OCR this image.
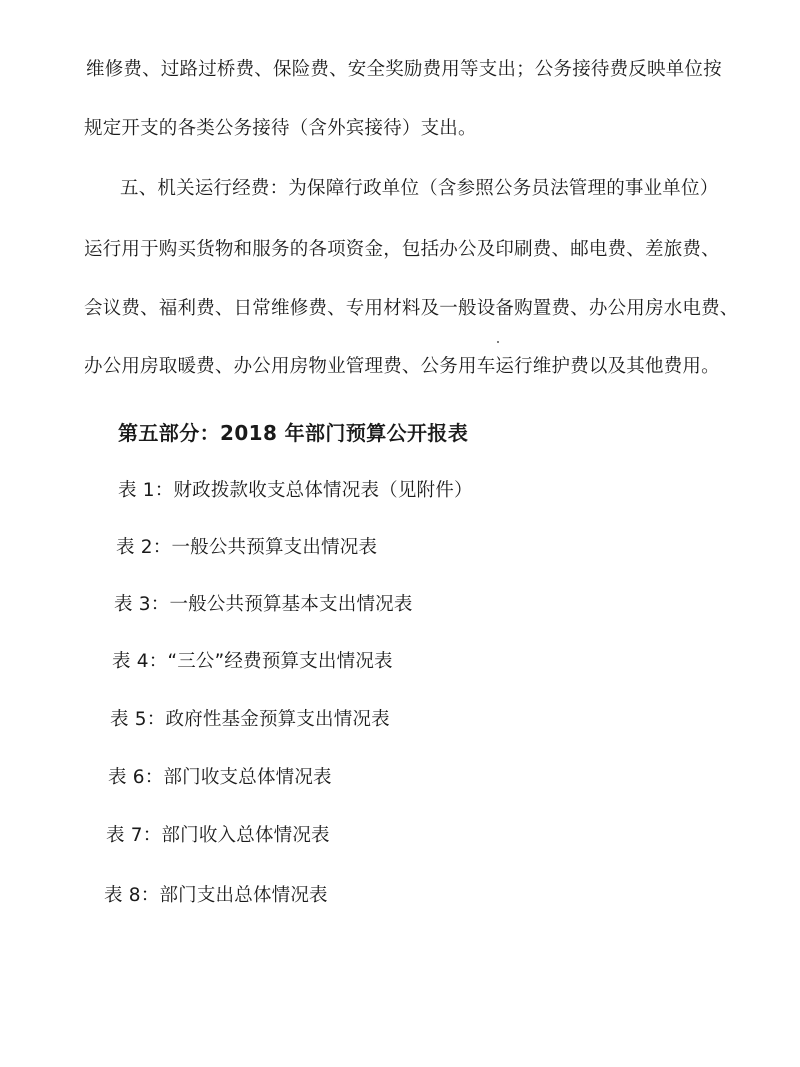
维修费、过路过桥费、保险费、安全奖励费用等支出；公务接待费反映单位按
规定开支的各类公务接待（含外宾接待）支出。
五、机关运行经费：为保障行政单位（含参照公务员法管理的事业单位）
运行用于购买货物和服务的各项资金，包括办公及印刷费、邮电费、差旅费、
会议费、福利费、日常维修费、专用材料及一般设备购置费、办公用房水电费、
办公用房取暖费、办公用房物业管理费、公务用车运行维护费以及其他费用。
第五部分：2018 年部门预算公开报表
表 1：财政拨款收支总体情况表（见附件）
表 2：一般公共预算支出情况表
表 3：一般公共预算基本支出情况表
表 4：“三公”经费预算支出情况表
表 5：政府性基金预算支出情况表
表 6：部门收支总体情况表
表 7：部门收入总体情况表
表 8：部门支出总体情况表
